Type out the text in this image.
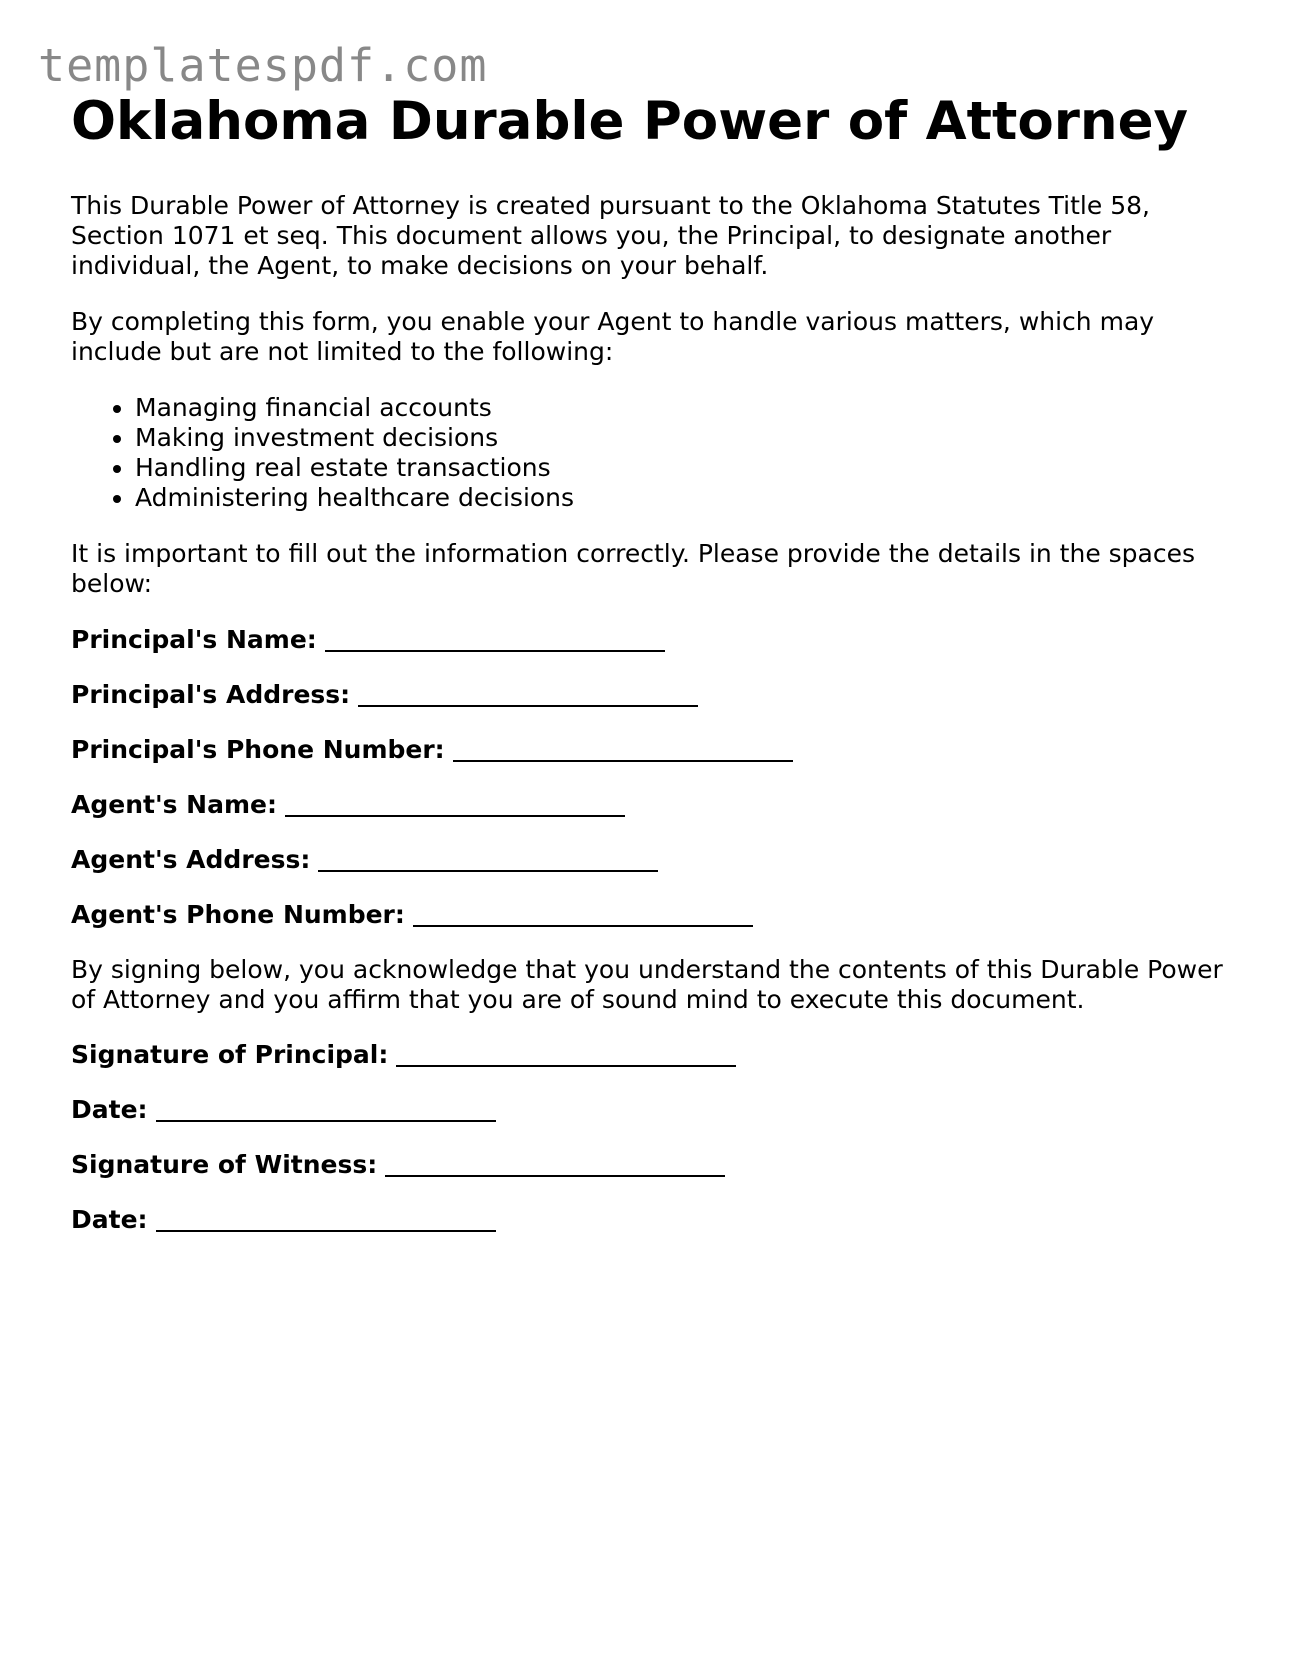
templatespdf.com
Oklahoma Durable Power of Attorney

This Durable Power of Attorney is created pursuant to the Oklahoma Statutes Title 58, Section 1071 et seq. This document allows you, the Principal, to designate another individual, the Agent, to make decisions on your behalf.

By completing this form, you enable your Agent to handle various matters, which may include but are not limited to the following:

• Managing financial accounts
• Making investment decisions
• Handling real estate transactions
• Administering healthcare decisions

It is important to fill out the information correctly. Please provide the details in the spaces below:

Principal's Name:
Principal's Address:
Principal's Phone Number:
Agent's Name:
Agent's Address:
Agent's Phone Number:

By signing below, you acknowledge that you understand the contents of this Durable Power of Attorney and you affirm that you are of sound mind to execute this document.

Signature of Principal:
Date:
Signature of Witness:
Date:
